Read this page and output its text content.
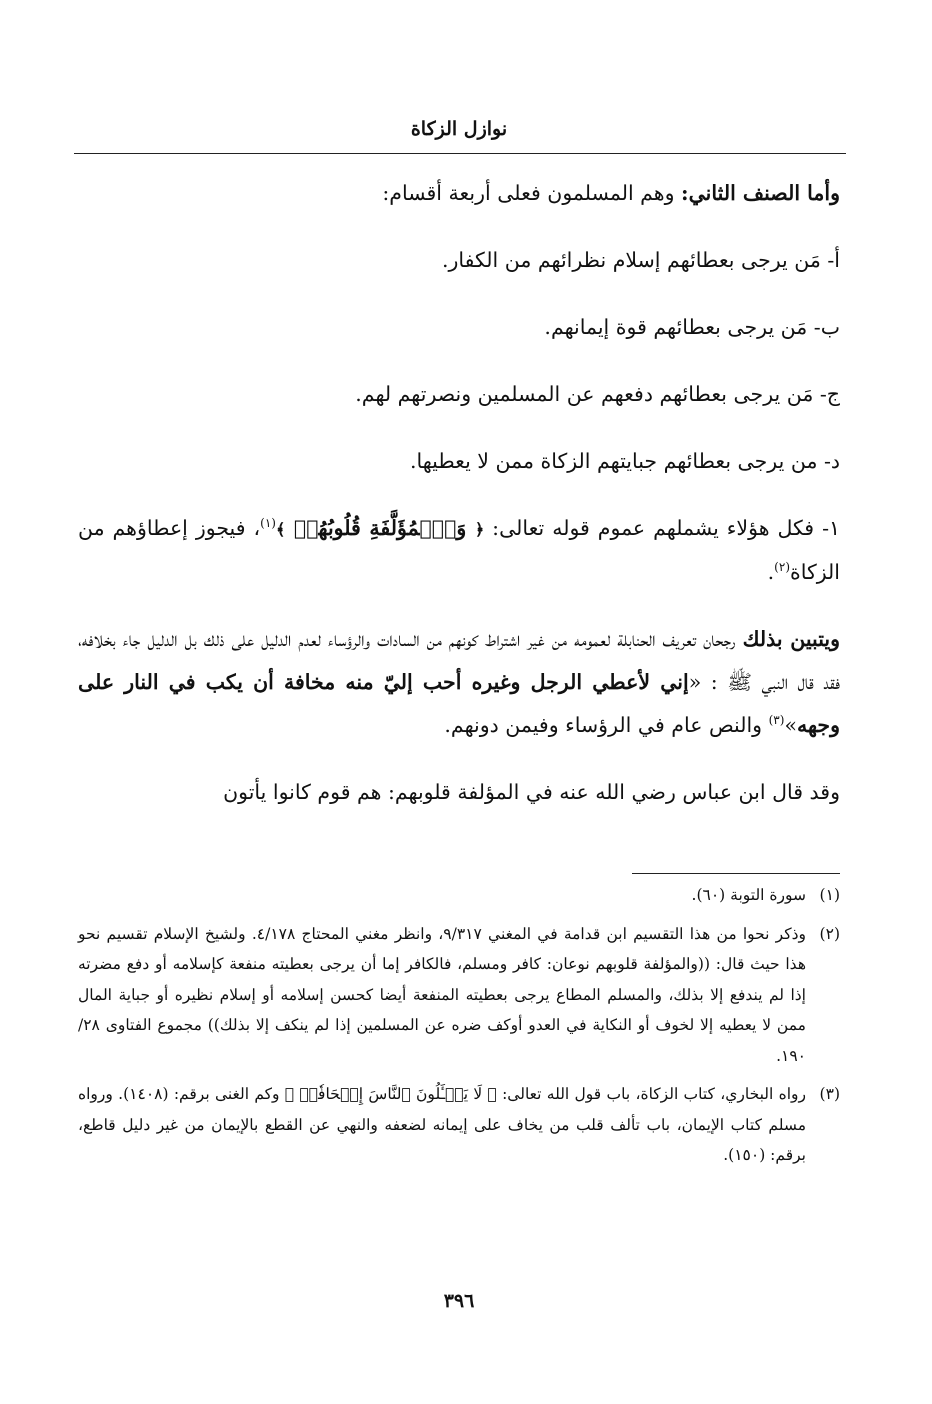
نوازل الزكاة

وأما الصنف الثاني: وهم المسلمون فعلى أربعة أقسام:

أ- مَن يرجى بعطائهم إسلام نظرائهم من الكفار.

ب- مَن يرجى بعطائهم قوة إيمانهم.

ج- مَن يرجى بعطائهم دفعهم عن المسلمين ونصرتهم لهم.

د- من يرجى بعطائهم جبايتهم الزكاة ممن لا يعطيها.

١- فكل هؤلاء يشملهم عموم قوله تعالى: ﴿ وَٱلۡمُؤَلَّفَةِ قُلُوبُهُمۡ ﴾$^{(١)}$، فيجوز إعطاؤهم من الزكاة$^{(٢)}$.

ويتبين بذلك رجحان تعريف الحنابلة لعمومه من غير اشتراط كونهم من السادات والرؤساء لعدم الدليل على ذلك بل الدليل جاء بخلافه، فقد قال النبي ﷺ : «إني لأعطي الرجل وغيره أحب إليّ منه مخافة أن يكب في النار على وجهه»$^{(٣)}$ والنص عام في الرؤساء وفيمن دونهم.

وقد قال ابن عباس رضي الله عنه في المؤلفة قلوبهم: هم قوم كانوا يأتون

(١)
سورة التوبة (٦٠).

(٢)
وذكر نحوا من هذا التقسيم ابن قدامة في المغني ٩/٣١٧، وانظر مغني المحتاج ٤/١٧٨. ولشيخ الإسلام تقسيم نحو هذا حيث قال: ((والمؤلفة قلوبهم نوعان: كافر ومسلم، فالكافر إما أن يرجى بعطيته منفعة كإسلامه أو دفع مضرته إذا لم يندفع إلا بذلك، والمسلم المطاع يرجى بعطيته المنفعة أيضا كحسن إسلامه أو إسلام نظيره أو جباية المال ممن لا يعطيه إلا لخوف أو النكاية في العدو أوكف ضره عن المسلمين إذا لم ينكف إلا بذلك)) مجموع الفتاوى ٢٨/ ١٩٠.

(٣)
رواه البخاري، كتاب الزكاة، باب قول الله تعالى: ﴿ لَا يَسۡـَٔلُونَ ٱلنَّاسَ إِلۡحَافٗاۗ ﴾ وكم الغنى برقم: (١٤٠٨). ورواه مسلم كتاب الإيمان، باب تألف قلب من يخاف على إيمانه لضعفه والنهي عن القطع بالإيمان من غير دليل قاطع، برقم: (١٥٠).

٣٩٦
